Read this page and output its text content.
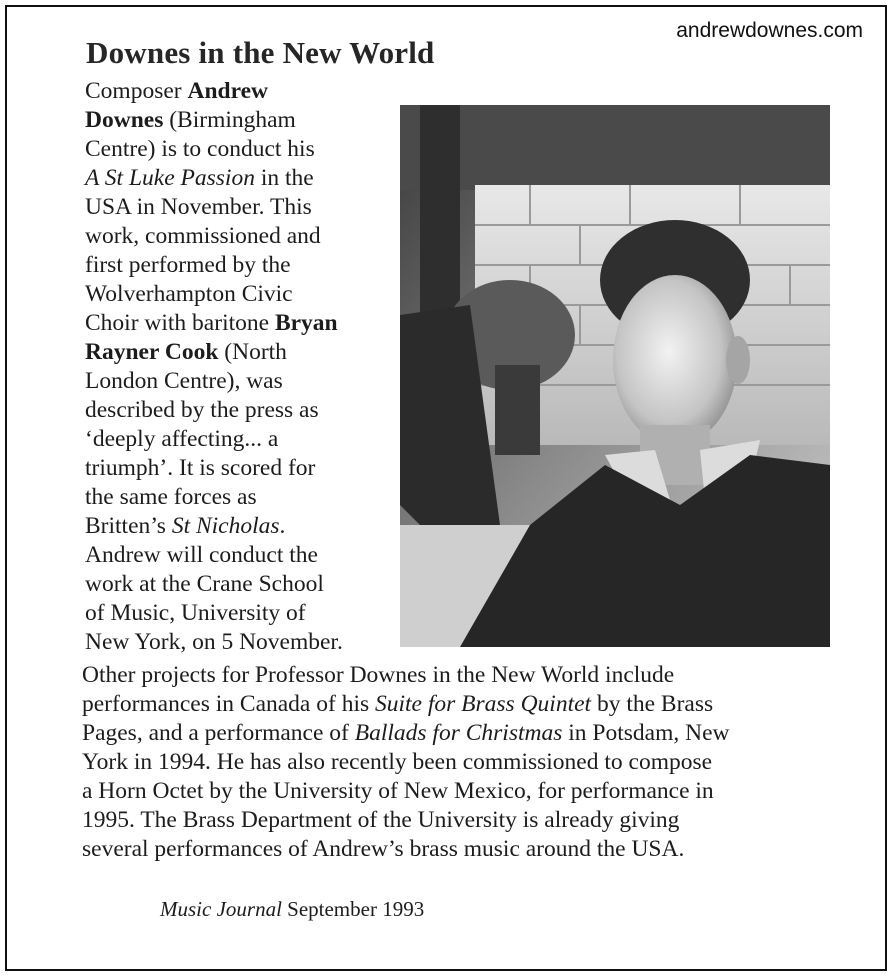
andrewdownes.com
Downes in the New World

Composer Andrew
Downes (Birmingham
Centre) is to conduct his
A St Luke Passion in the
USA in November. This
work, commissioned and
first performed by the
Wolverhampton Civic
Choir with baritone Bryan
Rayner Cook (North
London Centre), was
described by the press as
‘deeply affecting... a
triumph’. It is scored for
the same forces as
Britten’s St Nicholas.
Andrew will conduct the
work at the Crane School
of Music, University of
New York, on 5 November.

Other projects for Professor Downes in the New World include
performances in Canada of his Suite for Brass Quintet by the Brass
Pages, and a performance of Ballads for Christmas in Potsdam, New
York in 1994. He has also recently been commissioned to compose
a Horn Octet by the University of New Mexico, for performance in
1995. The Brass Department of the University is already giving
several performances of Andrew’s brass music around the USA.

Music Journal September 1993
